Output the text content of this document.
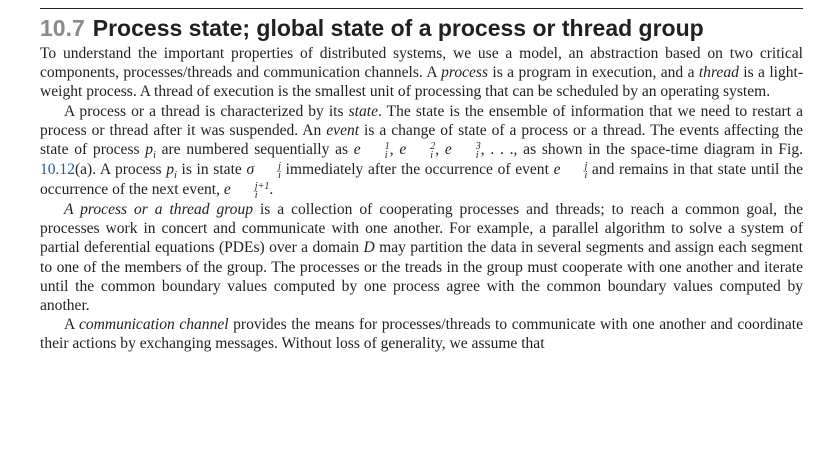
10.7 Process state; global state of a process or thread group

To understand the important properties of distributed systems, we use a model, an abstraction based on two critical components, processes/threads and communication channels. A process is a program in execution, and a thread is a light-weight process. A thread of execution is the smallest unit of processing that can be scheduled by an operating system.

A process or a thread is characterized by its state. The state is the ensemble of information that we need to restart a process or thread after it was suspended. An event is a change of state of a process or a thread. The events affecting the state of process $p_i$ are numbered sequentially as e	1
i , e	2
i , e	3
i , . . ., as shown in the space-time diagram in Fig. 10.12(a). A process $p_i$ is in state σ	j
i immediately after the occurrence of event e	j
i and remains in that state until the occurrence of the next event, e	j+1
i .

A process or a thread group is a collection of cooperating processes and threads; to reach a common goal, the processes work in concert and communicate with one another. For example, a parallel algorithm to solve a system of partial deferential equations (PDEs) over a domain D may partition the data in several segments and assign each segment to one of the members of the group. The processes or the treads in the group must cooperate with one another and iterate until the common boundary values computed by one process agree with the common boundary values computed by another.

A communication channel provides the means for processes/threads to communicate with one another and coordinate their actions by exchanging messages. Without loss of generality, we assume that
